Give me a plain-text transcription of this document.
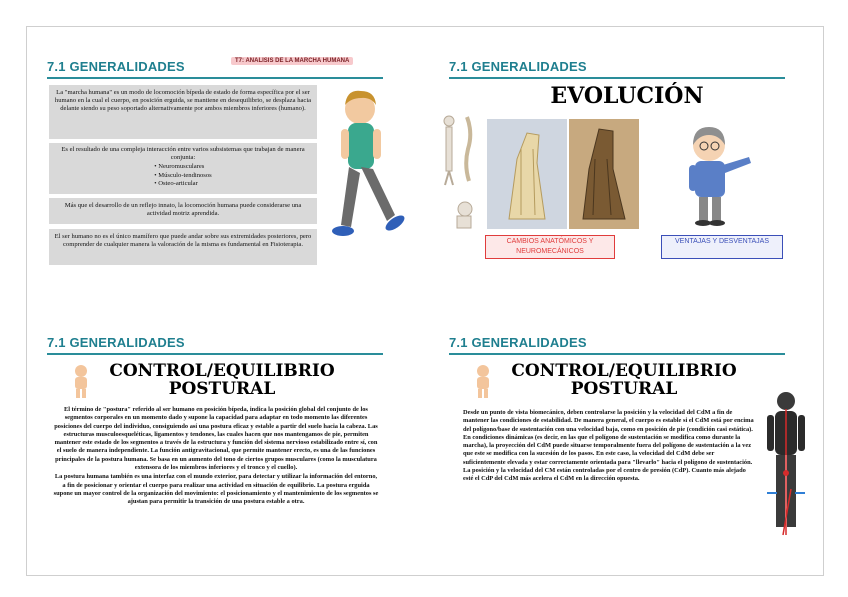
7.1 GENERALIDADES	T7: ANALISIS DE LA MARCHA HUMANA
La "marcha humana" es un modo de locomoción bípeda de estado de forma específica por el ser humano en la cual el cuerpo, en posición erguida, se mantiene en desequilibrio, se desplaza hacia delante siendo su peso soportado alternativamente por ambos miembros inferiores (humano).
Es el resultado de una compleja interacción entre varios subsistemas que trabajan de manera conjunta:
• Neuromusculares
• Músculo-tendinosos
• Osteo-articular
Más que el desarrollo de un reflejo innato, la locomoción humana puede considerarse una actividad motriz aprendida.
El ser humano no es el único mamífero que puede andar sobre sus extremidades posteriores, pero comprender de cualquier manera la valoración de la misma es fundamental en Fisioterapia.
7.1 GENERALIDADES
EVOLUCIÓN
CAMBIOS ANATÓMICOS Y NEUROMECÁNICOS
VENTAJAS Y DESVENTAJAS
7.1 GENERALIDADES
CONTROL/EQUILIBRIO
POSTURAL
El término de "postura" referido al ser humano en posición bípeda, indica la posición global del conjunto de los segmentos corporales en un momento dado y supone la capacidad para adaptar en todo momento las diferentes posiciones del cuerpo del individuo, consiguiendo así una postura eficaz y estable a partir del suelo hacia la cabeza. Las estructuras musculoesqueléticas, ligamentos y tendones, las cuales hacen que nos mantengamos de pie, permiten mantener este estado de los segmentos a través de la estructura y función del sistema nervioso estabilizado entre sí, con el suelo de manera independiente. La función antigravitacional, que permite mantener erecto, es una de las funciones principales de la postura humana. Se basa en un aumento del tono de ciertos grupos musculares (como la musculatura extensora de los miembros inferiores y el tronco y el cuello).
La postura humana también es una interfaz con el mundo exterior, para detectar y utilizar la información del entorno, a fin de posicionar y orientar el cuerpo para realizar una actividad en situación de equilibrio. La postura erguida supone un mayor control de la organización del movimiento: el posicionamiento y el mantenimiento de los segmentos se ajustan para permitir la transición de una postura estable a otra.
7.1 GENERALIDADES
CONTROL/EQUILIBRIO
POSTURAL
Desde un punto de vista biomecánico, deben controlarse la posición y la velocidad del CdM a fin de mantener las condiciones de estabilidad. De manera general, el cuerpo es estable si el CdM está por encima del polígono/base de sustentación con una velocidad baja, como en posición de pie (condición casi estática). En condiciones dinámicas (es decir, en las que el polígono de sustentación se modifica como durante la marcha), la proyección del CdM puede situarse temporalmente fuera del polígono de sustentación a la vez que este se modifica con la sucesión de los pasos. En este caso, la velocidad del CdM debe ser suficientemente elevada y estar correctamente orientada para "llevarlo" hacia el polígono de sustentación. La posición y la velocidad del CM están controladas por el centro de presión (CdP). Cuanto más alejado esté el CdP del CdM más acelera el CdM en la dirección opuesta.
